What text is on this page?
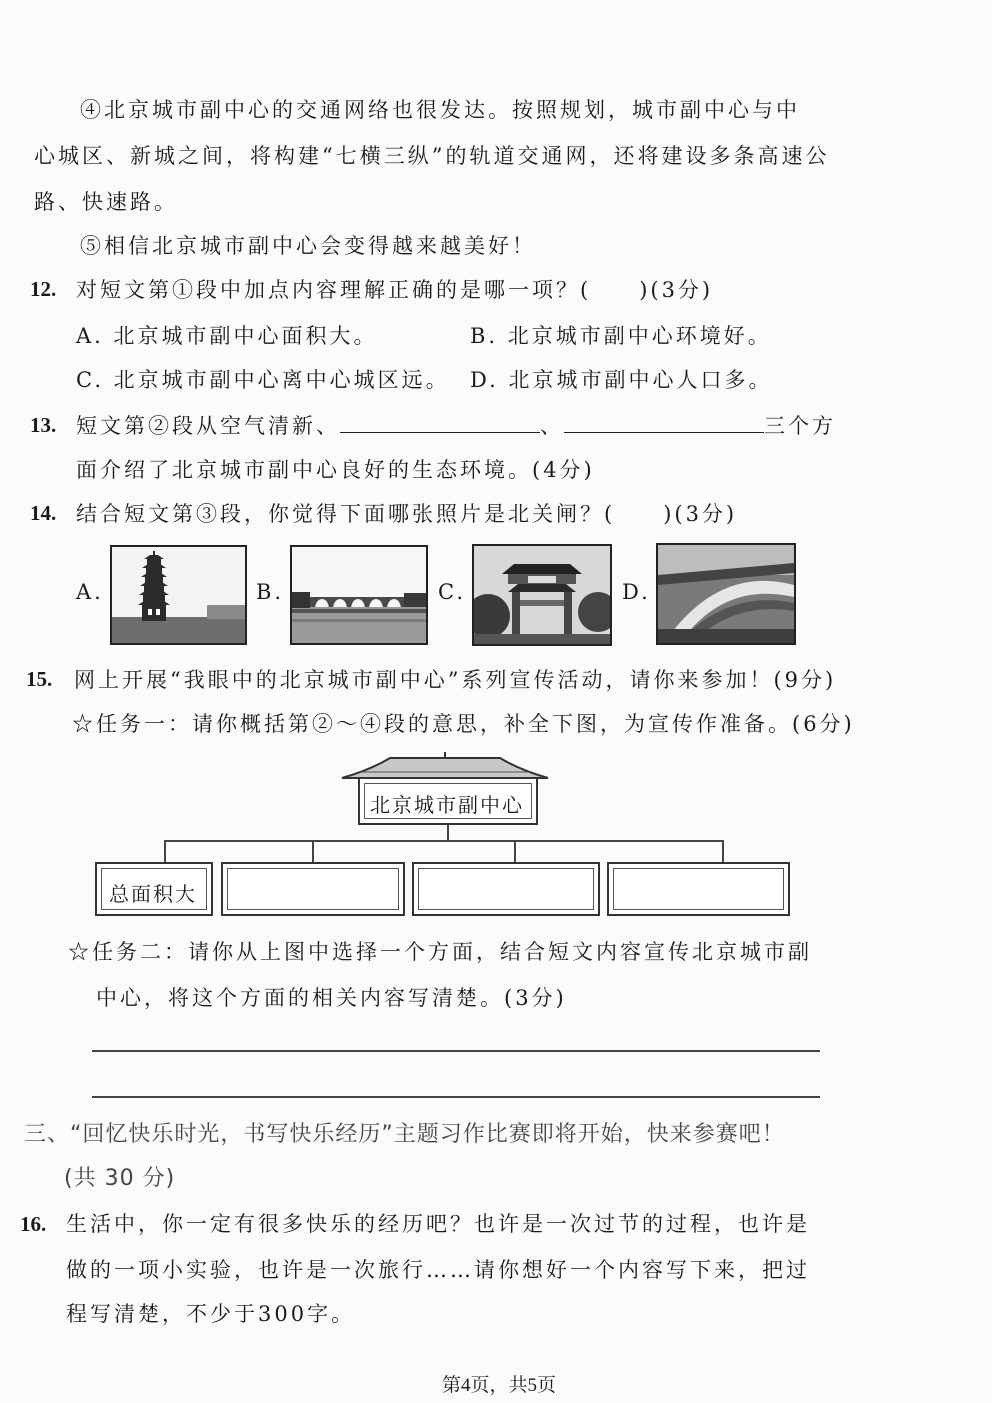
④北京城市副中心的交通网络也很发达。按照规划，城市副中心与中
心城区、新城之间，将构建“七横三纵”的轨道交通网，还将建设多条高速公
路、快速路。
⑤相信北京城市副中心会变得越来越美好！
12. 对短文第①段中加点内容理解正确的是哪一项？(　　)(3分)
A. 北京城市副中心面积大。	B. 北京城市副中心环境好。
C. 北京城市副中心离中心城区远。 D. 北京城市副中心人口多。
13. 短文第②段从空气清新、	、	三个方
面介绍了北京城市副中心良好的生态环境。(4分)
14. 结合短文第③段，你觉得下面哪张照片是北关闸？(　　)(3分)
A.	B.	C.	D.
15. 网上开展“我眼中的北京城市副中心”系列宣传活动，请你来参加！(9分)
☆任务一：请你概括第②～④段的意思，补全下图，为宣传作准备。(6分)
北京城市副中心
总面积大
☆任务二：请你从上图中选择一个方面，结合短文内容宣传北京城市副
中心，将这个方面的相关内容写清楚。(3分)
三、“回忆快乐时光，书写快乐经历”主题习作比赛即将开始，快来参赛吧！
(共 30 分)
16. 生活中，你一定有很多快乐的经历吧？也许是一次过节的过程，也许是
做的一项小实验，也许是一次旅行……请你想好一个内容写下来，把过
程写清楚，不少于300字。
第4页，共5页
